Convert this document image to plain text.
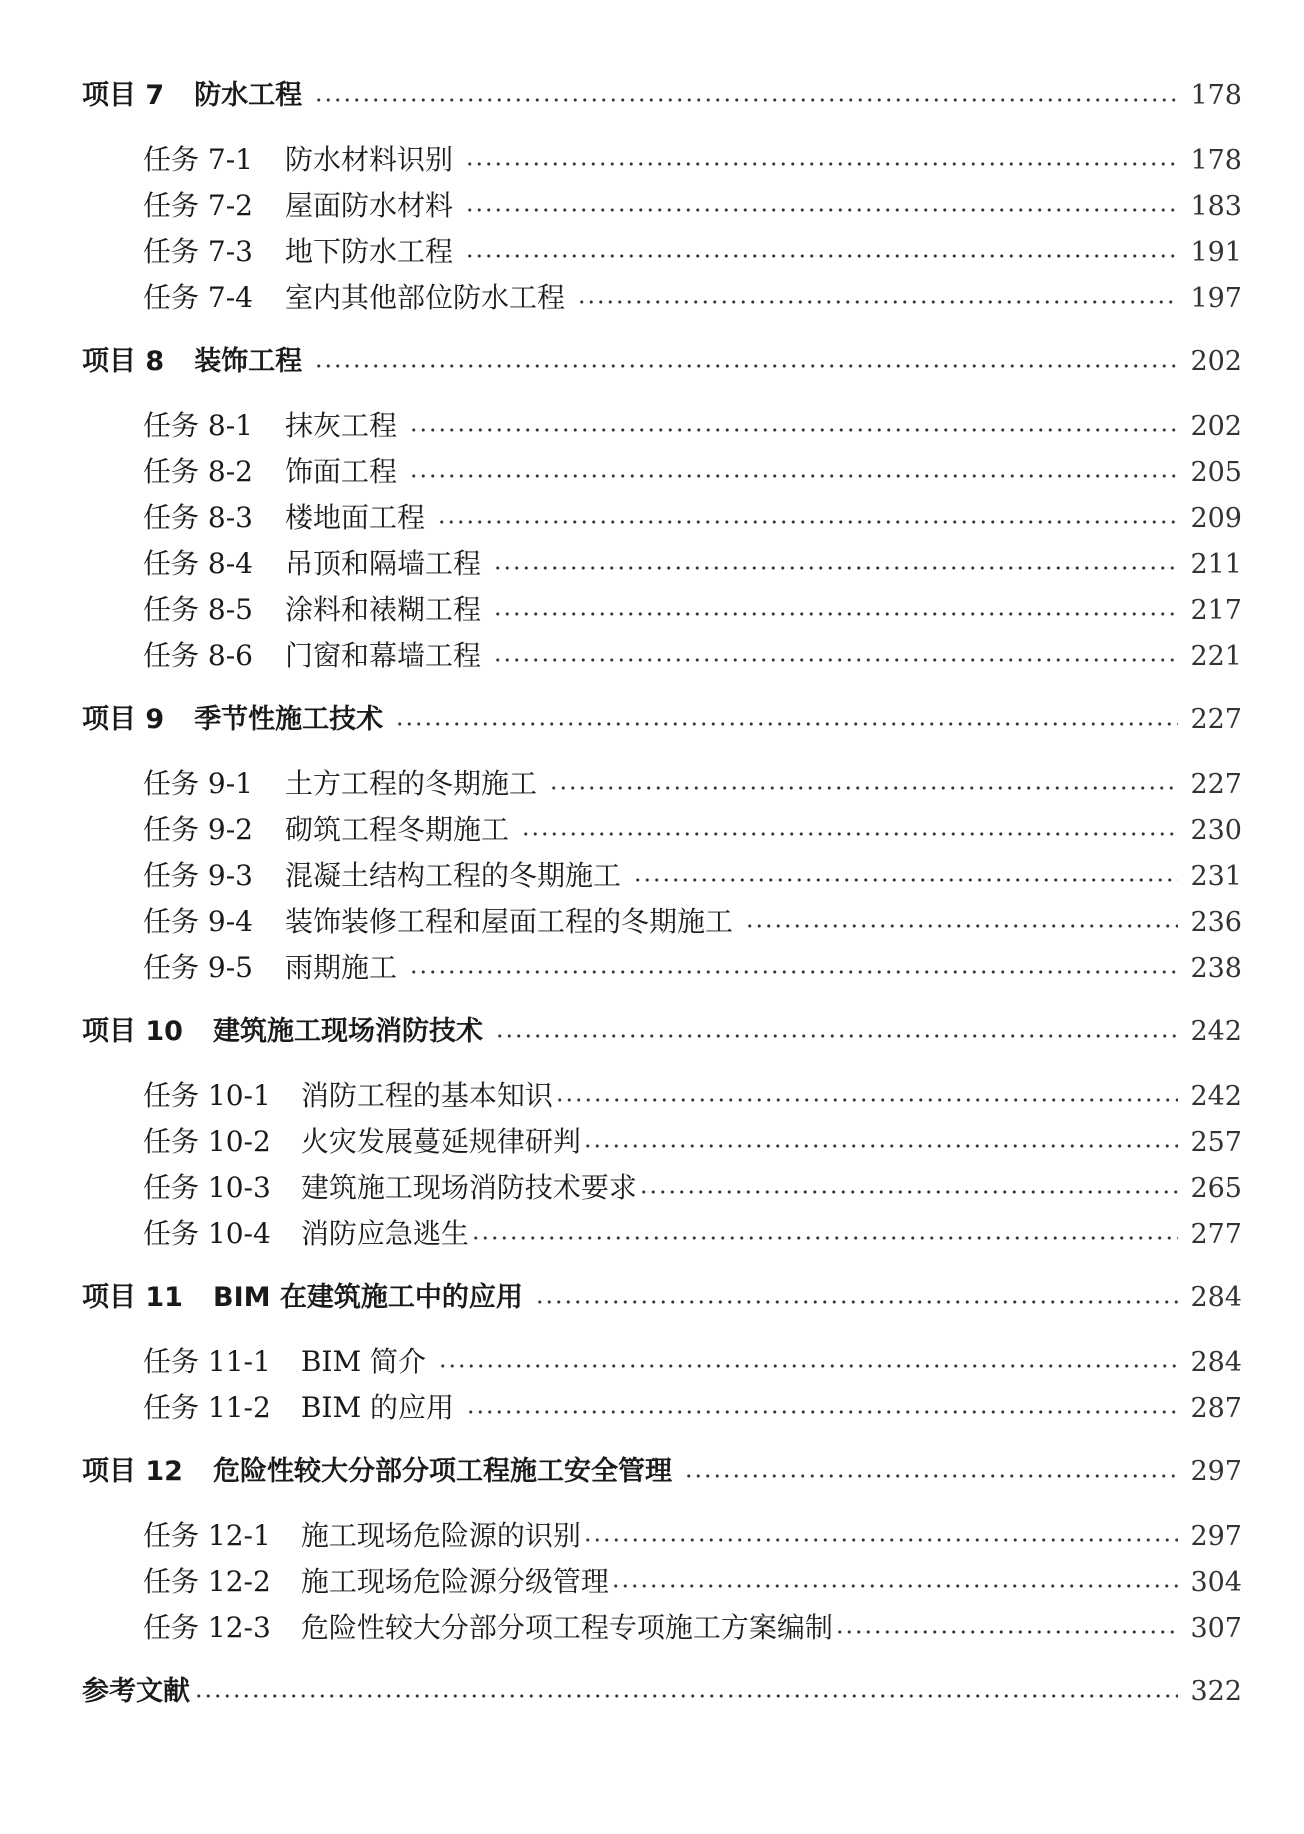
项目 7 防水工程	178
任务 7-1 防水材料识别	178
任务 7-2 屋面防水材料	183
任务 7-3 地下防水工程	191
任务 7-4 室内其他部位防水工程	197
项目 8 装饰工程	202
任务 8-1 抹灰工程	202
任务 8-2 饰面工程	205
任务 8-3 楼地面工程	209
任务 8-4 吊顶和隔墙工程	211
任务 8-5 涂料和裱糊工程	217
任务 8-6 门窗和幕墙工程	221
项目 9 季节性施工技术	227
任务 9-1 土方工程的冬期施工	227
任务 9-2 砌筑工程冬期施工	230
任务 9-3 混凝土结构工程的冬期施工	231
任务 9-4 装饰装修工程和屋面工程的冬期施工	236
任务 9-5 雨期施工	238
项目 10 建筑施工现场消防技术	242
任务 10-1 消防工程的基本知识	242
任务 10-2 火灾发展蔓延规律研判	257
任务 10-3 建筑施工现场消防技术要求	265
任务 10-4 消防应急逃生	277
项目 11 BIM 在建筑施工中的应用	284
任务 11-1 BIM 简介	284
任务 11-2 BIM 的应用	287
项目 12 危险性较大分部分项工程施工安全管理	297
任务 12-1 施工现场危险源的识别	297
任务 12-2 施工现场危险源分级管理	304
任务 12-3 危险性较大分部分项工程专项施工方案编制	307
参考文献	322
